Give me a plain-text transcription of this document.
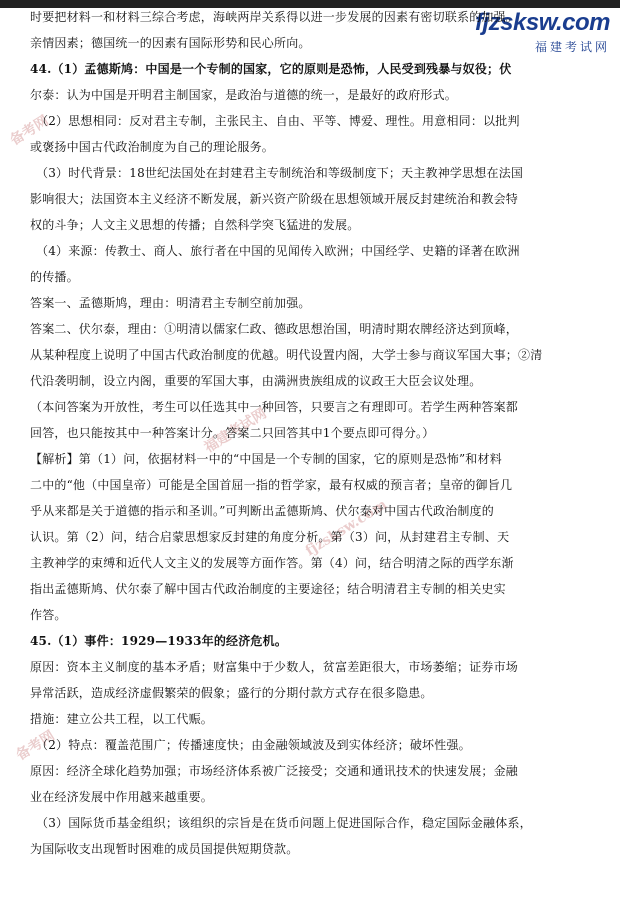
备考网
福建考试网
fjzsksw.com
备考网
fjzsksw.com
福建考试网

时要把材料一和材料三综合考虑，海峡两岸关系得以进一步发展的因素有密切联系的加强。

亲情因素；德国统一的因素有国际形势和民心所向。

44.（1）孟德斯鸠：中国是一个专制的国家，它的原则是恐怖，人民受到残暴与奴役；伏

尔泰：认为中国是开明君主制国家，是政治与道德的统一，是最好的政府形式。

（2）思想相同：反对君主专制，主张民主、自由、平等、博爱、理性。用意相同：以批判

或褒扬中国古代政治制度为自己的理论服务。

（3）时代背景：18世纪法国处在封建君主专制统治和等级制度下；天主教神学思想在法国

影响很大；法国资本主义经济不断发展，新兴资产阶级在思想领域开展反封建统治和教会特

权的斗争；人文主义思想的传播；自然科学突飞猛进的发展。

（4）来源：传教士、商人、旅行者在中国的见闻传入欧洲；中国经学、史籍的译著在欧洲

的传播。

答案一、孟德斯鸠，理由：明清君主专制空前加强。

答案二、伏尔泰，理由：①明清以儒家仁政、德政思想治国，明清时期农牌经济达到顶峰，

从某种程度上说明了中国古代政治制度的优越。明代设置内阁，大学士参与商议军国大事；②清

代沿袭明制，设立内阁，重要的军国大事，由满洲贵族组成的议政王大臣会议处理。

（本问答案为开放性，考生可以任选其中一种回答，只要言之有理即可。若学生两种答案都

回答，也只能按其中一种答案计分。答案二只回答其中1个要点即可得分。）

【解析】第（1）问，依据材料一中的“中国是一个专制的国家，它的原则是恐怖”和材料

二中的“他（中国皇帝）可能是全国首屈一指的哲学家，最有权威的预言者；皇帝的御旨几

乎从来都是关于道德的指示和圣训。”可判断出孟德斯鸠、伏尔泰对中国古代政治制度的

认识。第（2）问，结合启蒙思想家反封建的角度分析。第（3）问，从封建君主专制、天

主教神学的束缚和近代人文主义的发展等方面作答。第（4）问，结合明清之际的西学东渐

指出孟德斯鸠、伏尔泰了解中国古代政治制度的主要途径；结合明清君主专制的相关史实

作答。

45.（1）事件：1929—1933年的经济危机。

原因：资本主义制度的基本矛盾；财富集中于少数人，贫富差距很大，市场萎缩；证券市场

异常活跃，造成经济虚假繁荣的假象；盛行的分期付款方式存在很多隐患。

措施：建立公共工程，以工代赈。

（2）特点：覆盖范围广；传播速度快；由金融领域波及到实体经济；破坏性强。

原因：经济全球化趋势加强；市场经济体系被广泛接受；交通和通讯技术的快速发展；金融

业在经济发展中作用越来越重要。

（3）国际货币基金组织；该组织的宗旨是在货币问题上促进国际合作，稳定国际金融体系，

为国际收支出现暂时困难的成员国提供短期贷款。
